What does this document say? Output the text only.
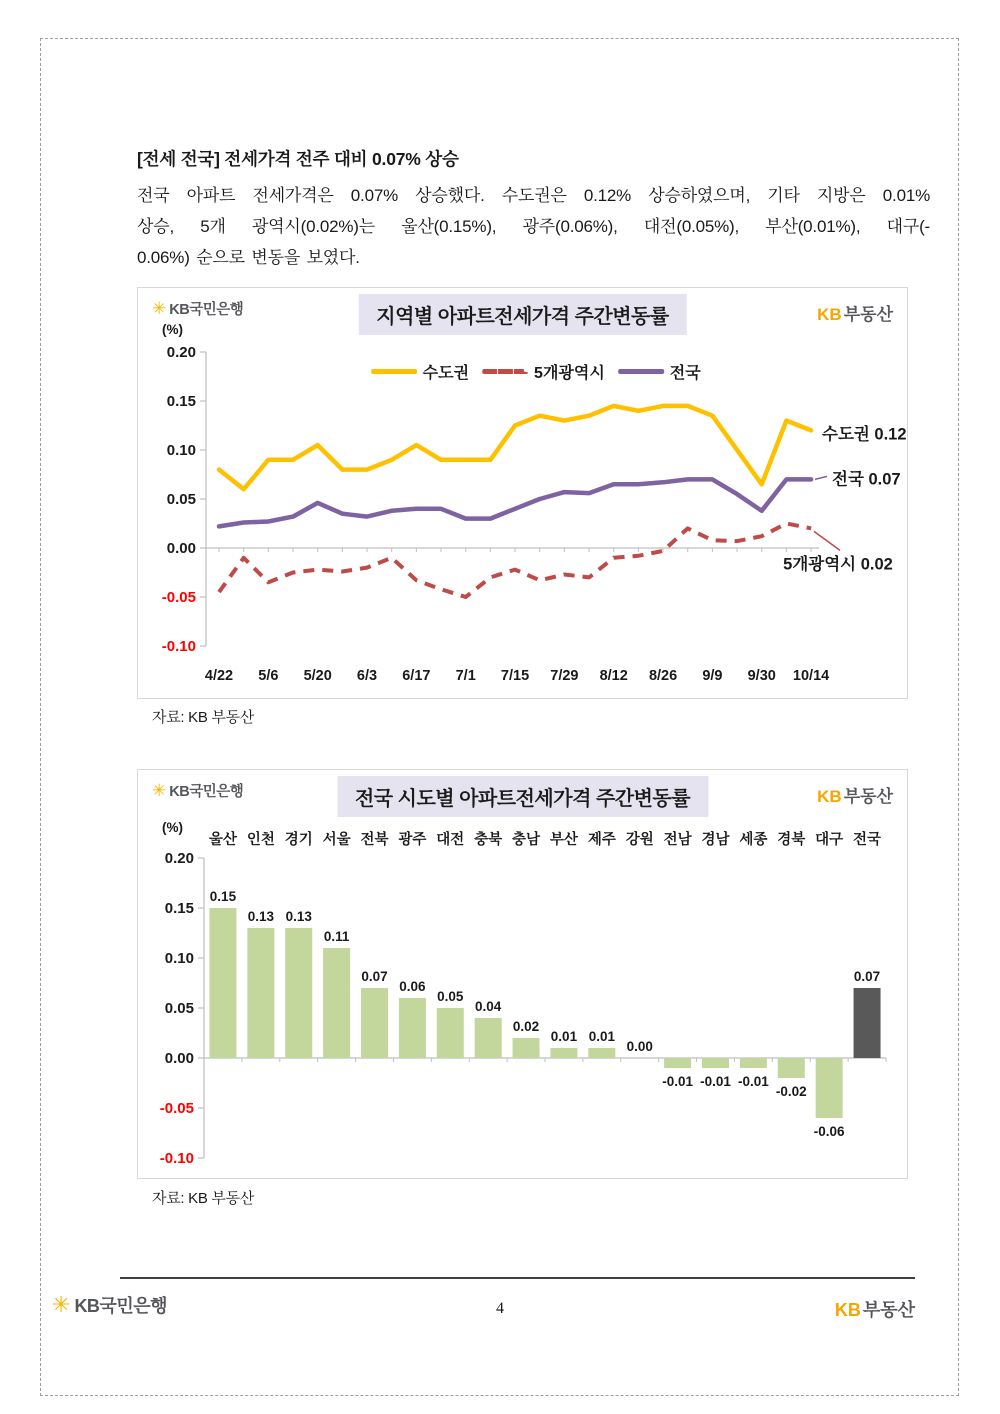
[전세 전국] 전세가격 전주 대비 0.07% 상승
전국 아파트 전세가격은 0.07% 상승했다. 수도권은 0.12% 상승하였으며, 기타 지방은 0.01%
상승, 5개 광역시(0.02%)는 울산(0.15%), 광주(0.06%), 대전(0.05%), 부산(0.01%), 대구(-
0.06%) 순으로 변동을 보였다.
✳ KB국민은행	지역별 아파트전세가격 주간변동률	KB 부동산
(%)
0.20
0.15
0.10
0.05
0.00
-0.05
-0.10
4/22 5/6 5/20 6/3 6/17 7/1 7/15 7/29 8/12 8/26 9/9 9/30 10/14
수도권 0.12
전국 0.07
5개광역시 0.02
수도권	5개광역시	전국
자료: KB 부동산
✳ KB국민은행	전국 시도별 아파트전세가격 주간변동률	KB 부동산
(%)
0.20
0.15
0.10
0.05
0.00
-0.05
-0.10
울산 인천 경기 서울 전북 광주 대전 충북 충남 부산 제주 강원 전남 경남 세종 경북 대구 전국
0.15
0.13 0.13
0.11
0.07
0.06
0.05
0.04
0.02
0.01 0.01
0.00
-0.01 -0.01 -0.01
-0.02
-0.06
0.07
자료: KB 부동산
✳ KB국민은행	4	KB 부동산
